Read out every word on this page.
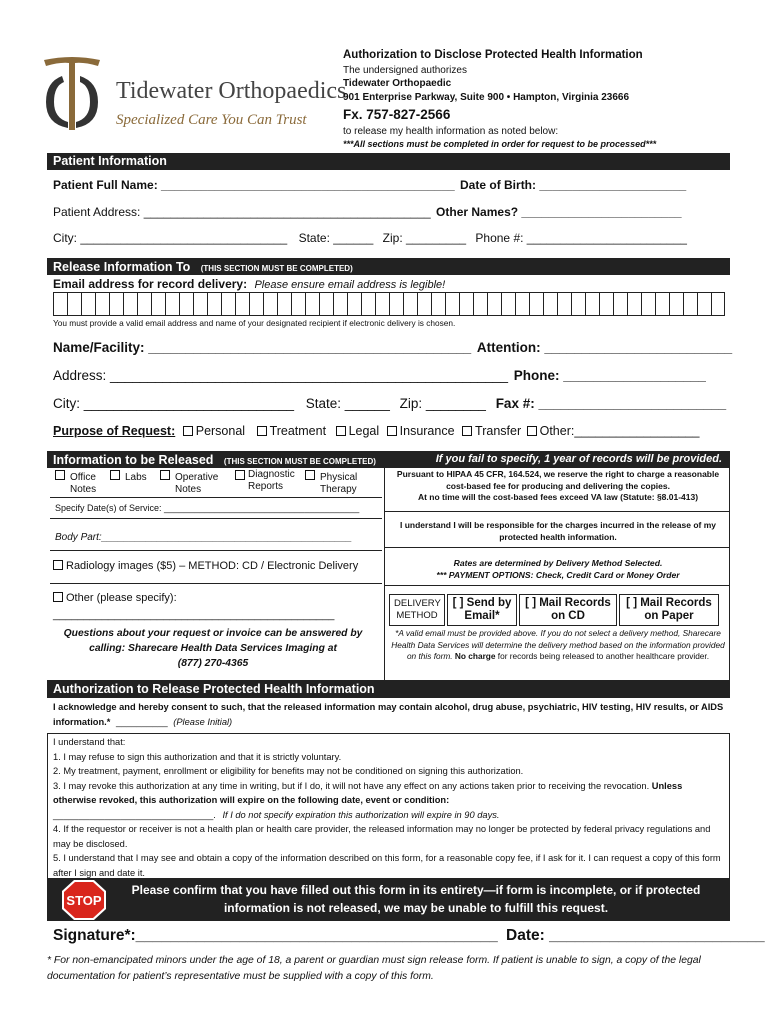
Tidewater Orthopaedics
Specialized Care You Can Trust
Authorization to Disclose Protected Health Information
The undersigned authorizes
Tidewater Orthopaedic
901 Enterprise Parkway, Suite 900 • Hampton, Virginia 23666
Fx. 757-827-2566
to release my health information as noted below:
***All sections must be completed in order for request to be processed***
Patient Information
Patient Full Name: ____________________________________________ Date of Birth: ______________________
Patient Address: ___________________________________________ Other Names? ________________________
City: _______________________________ State: ______ Zip: _________ Phone #: ________________________
Release Information To (THIS SECTION MUST BE COMPLETED)
Email address for record delivery: Please ensure email address is legible!
You must provide a valid email address and name of your designated recipient if electronic delivery is chosen.
Name/Facility: ___________________________________________ Attention: _________________________
Address: _____________________________________________________ Phone: ___________________
City: ____________________________ State: ______ Zip: ________ Fax #: _________________________
Purpose of Request: Personal Treatment Legal Insurance Transfer Other:__________________
Information to be Released (THIS SECTION MUST BE COMPLETED)	If you fail to specify, 1 year of records will be provided.
Office
Notes
Labs	Operative
Notes
Diagnostic
Reports
Physical
Therapy
Specify Date(s) of Service: _______________________________________
Body Part:_____________________________________________
Radiology images ($5) – METHOD: CD / Electronic Delivery
Other (please specify):
______________________________________________
Questions about your request or invoice can be answered by calling: Sharecare Health Data Services Imaging at
(877) 270-4365
Pursuant to HIPAA 45 CFR, 164.524, we reserve the right to charge a reasonable cost-based fee for producing and delivering the copies.
At no time will the cost-based fees exceed VA law (Statute: §8.01-413)
I understand I will be responsible for the charges incurred in the release of my protected health information.
Rates are determined by Delivery Method Selected.
*** PAYMENT OPTIONS: Check, Credit Card or Money Order
DELIVERY METHOD
[ ] Send by Email*
[ ] Mail Records on CD
[ ] Mail Records on Paper
*A valid email must be provided above. If you do not select a delivery method, Sharecare Health Data Services will determine the delivery method based on the information provided on this form. No charge for records being released to another healthcare provider.
Authorization to Release Protected Health Information
I acknowledge and hereby consent to such, that the released information may contain alcohol, drug abuse, psychiatric, HIV testing, HIV results, or AIDS information.* __________ (Please Initial)
I understand that:
1. I may refuse to sign this authorization and that it is strictly voluntary.
2. My treatment, payment, enrollment or eligibility for benefits may not be conditioned on signing this authorization.
3. I may revoke this authorization at any time in writing, but if I do, it will not have any effect on any actions taken prior to receiving the revocation. Unless otherwise revoked, this authorization will expire on the following date, event or condition:
_______________________________. If I do not specify expiration this authorization will expire in 90 days.
4. If the requestor or receiver is not a health plan or health care provider, the released information may no longer be protected by federal privacy regulations and may be disclosed.
5. I understand that I may see and obtain a copy of the information described on this form, for a reasonable copy fee, if I ask for it. I can request a copy of this form after I sign and date it.
STOP
Please confirm that you have filled out this form in its entirety—if form is incomplete, or if protected information is not released, we may be unable to fulfill this request.
Signature*:__________________________________________ Date: _________________________
* For non-emancipated minors under the age of 18, a parent or guardian must sign release form. If patient is unable to sign, a copy of the legal documentation for patient’s representative must be supplied with a copy of this form.
